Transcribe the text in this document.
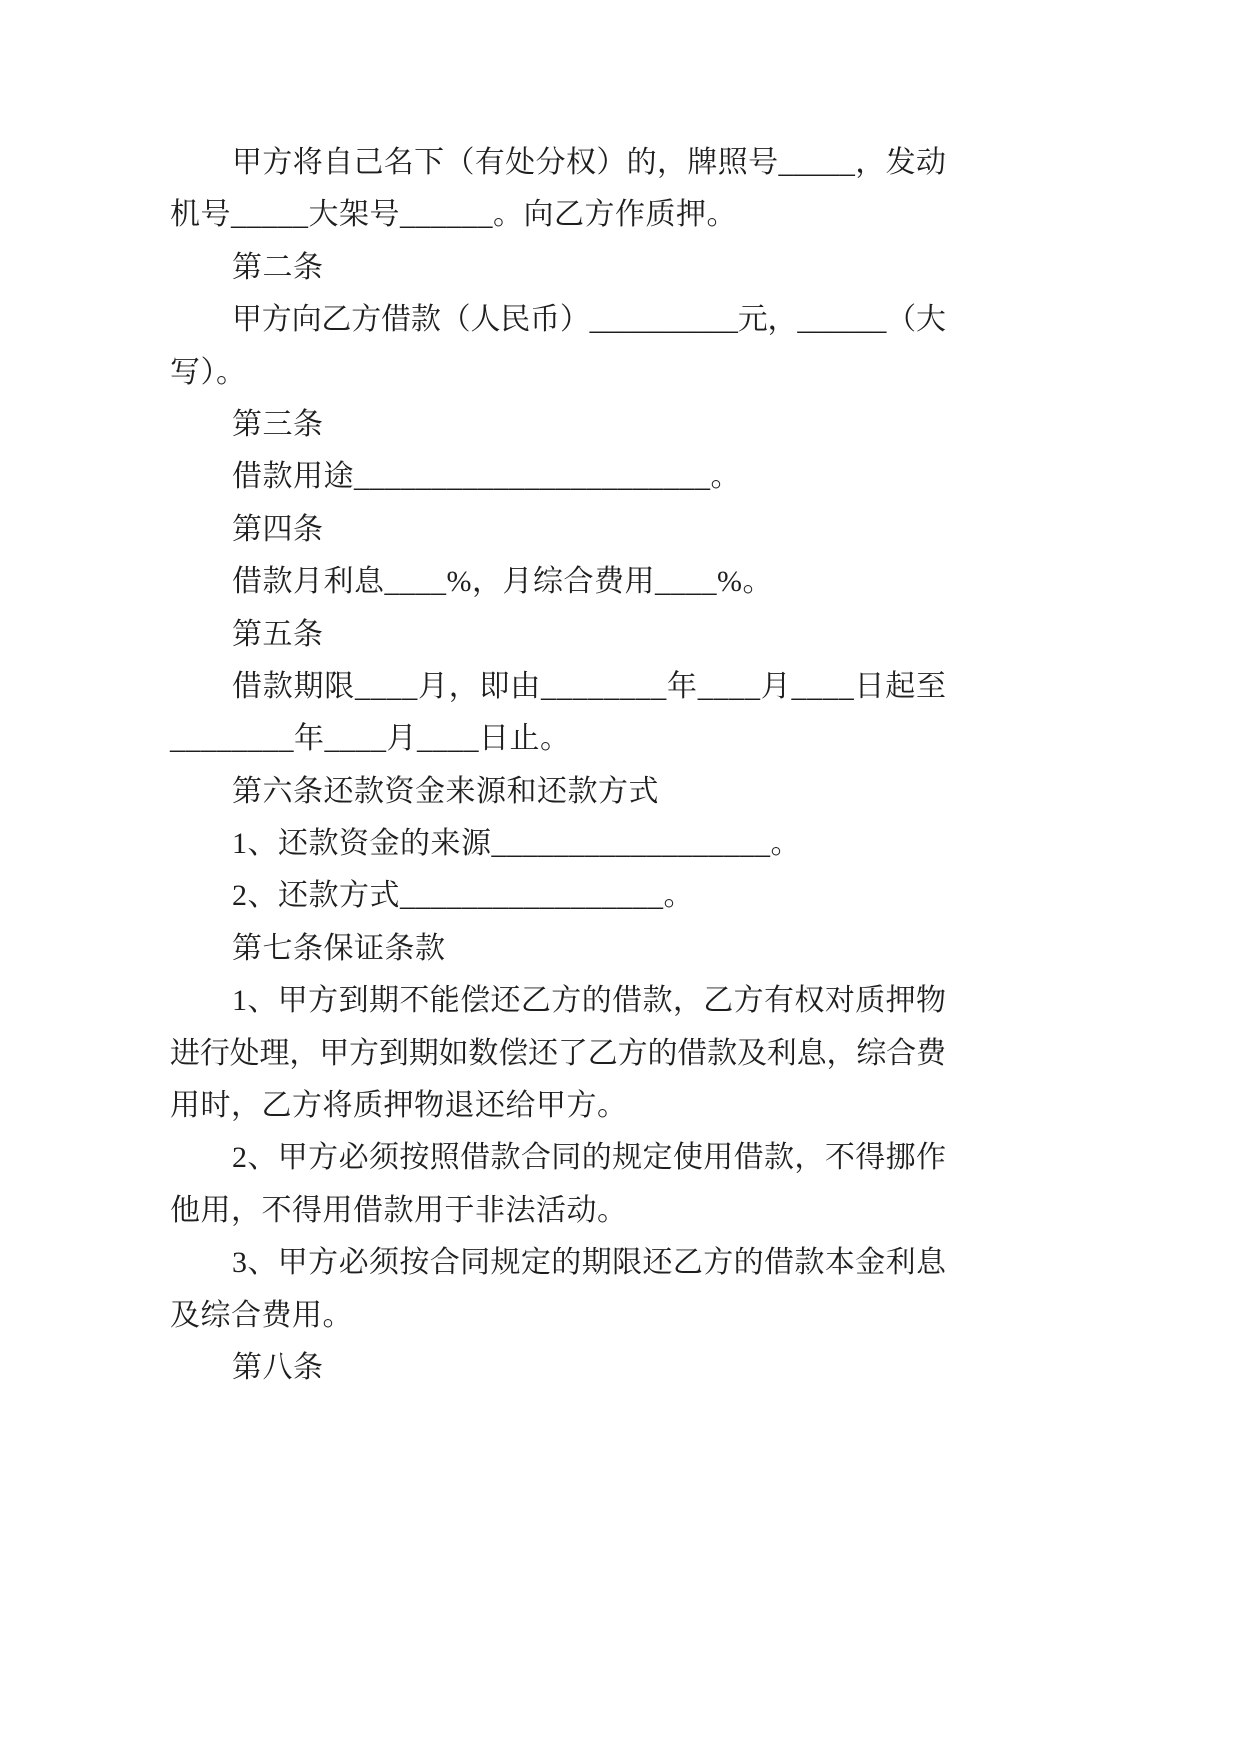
甲方将自己名下（有处分权）的，牌照号_____，发动
机号_____大架号______。向乙方作质押。
第二条
甲方向乙方借款（人民币）__________元，______（大
写）。
第三条
借款用途_______________________。
第四条
借款月利息____%，月综合费用____%。
第五条
借款期限____月，即由________年____月____日起至
________年____月____日止。
第六条还款资金来源和还款方式
1、还款资金的来源__________________。
2、还款方式_________________。
第七条保证条款
1、甲方到期不能偿还乙方的借款，乙方有权对质押物
进行处理，甲方到期如数偿还了乙方的借款及利息，综合费
用时，乙方将质押物退还给甲方。
2、甲方必须按照借款合同的规定使用借款，不得挪作
他用，不得用借款用于非法活动。
3、甲方必须按合同规定的期限还乙方的借款本金利息
及综合费用。
第八条
